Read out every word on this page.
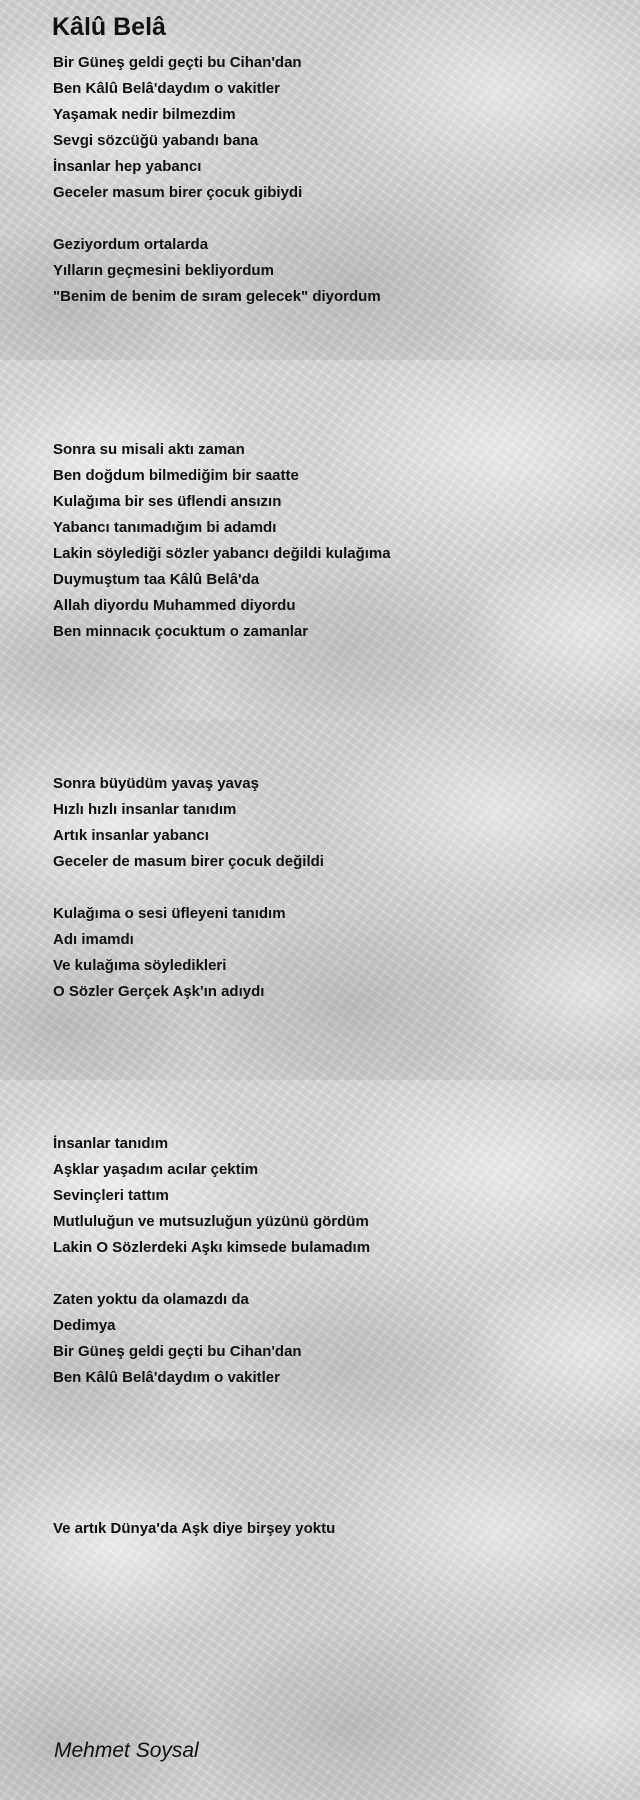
Kâlû Belâ
Bir Güneş geldi geçti bu Cihan'dan
Ben Kâlû Belâ'daydım o vakitler
Yaşamak nedir bilmezdim
Sevgi sözcüğü yabandı bana
İnsanlar hep yabancı
Geceler masum birer çocuk gibiydi
Geziyordum ortalarda
Yılların geçmesini bekliyordum
"Benim de benim de sıram gelecek" diyordum
Sonra su misali aktı zaman
Ben doğdum bilmediğim bir saatte
Kulağıma bir ses üflendi ansızın
Yabancı tanımadığım bi adamdı
Lakin söylediği sözler yabancı değildi kulağıma
Duymuştum taa Kâlû Belâ'da
Allah diyordu Muhammed diyordu
Ben minnacık çocuktum o zamanlar
Sonra büyüdüm yavaş yavaş
Hızlı hızlı insanlar tanıdım
Artık insanlar yabancı
Geceler de masum birer çocuk değildi
Kulağıma o sesi üfleyeni tanıdım
Adı imamdı
Ve kulağıma söyledikleri
O Sözler Gerçek Aşk'ın adıydı
İnsanlar tanıdım
Aşklar yaşadım acılar çektim
Sevinçleri tattım
Mutluluğun ve mutsuzluğun yüzünü gördüm
Lakin O Sözlerdeki Aşkı kimsede bulamadım
Zaten yoktu da olamazdı da
Dedimya
Bir Güneş geldi geçti bu Cihan'dan
Ben Kâlû Belâ'daydım o vakitler
Ve artık Dünya'da Aşk diye birşey yoktu

Mehmet Soysal
